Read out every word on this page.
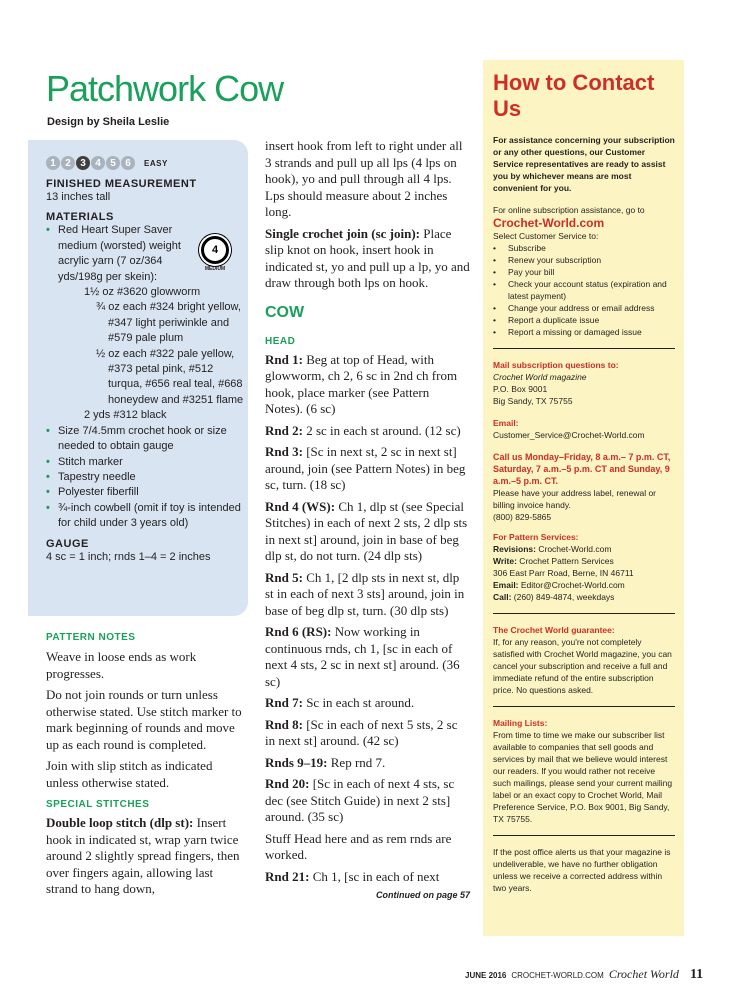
Patchwork Cow
Design by Sheila Leslie
1 2 3 4 5 6	EASY
FINISHED MEASUREMENT
13 inches tall
MATERIALS
4
MEDIUM
• Red Heart Super Saver medium (worsted) weight acrylic yarn (7 oz/364 yds/198g per skein):
1½ oz #3620 glowworm
¾ oz each #324 bright yellow, #347 light periwinkle and #579 pale plum
½ oz each #322 pale yellow, #373 petal pink, #512 turqua, #656 real teal, #668 honeydew and #3251 flame
2 yds #312 black
• Size 7/4.5mm crochet hook or size needed to obtain gauge
• Stitch marker
• Tapestry needle
• Polyester fiberfill
• ¾-inch cowbell (omit if toy is intended for child under 3 years old)
GAUGE
4 sc = 1 inch; rnds 1–4 = 2 inches
PATTERN NOTES
Weave in loose ends as work progresses.
Do not join rounds or turn unless otherwise stated. Use stitch marker to mark beginning of rounds and move up as each round is completed.
Join with slip stitch as indicated unless otherwise stated.
SPECIAL STITCHES
Double loop stitch (dlp st): Insert hook in indicated st, wrap yarn twice around 2 slightly spread fingers, then over fingers again, allowing last strand to hang down,
insert hook from left to right under all 3 strands and pull up all lps (4 lps on hook), yo and pull through all 4 lps. Lps should measure about 2 inches long.
Single crochet join (sc join): Place slip knot on hook, insert hook in indicated st, yo and pull up a lp, yo and draw through both lps on hook.
COW
HEAD
Rnd 1: Beg at top of Head, with glowworm, ch 2, 6 sc in 2nd ch from hook, place marker (see Pattern Notes). (6 sc)
Rnd 2: 2 sc in each st around. (12 sc)
Rnd 3: [Sc in next st, 2 sc in next st] around, join (see Pattern Notes) in beg sc, turn. (18 sc)
Rnd 4 (WS): Ch 1, dlp st (see Special Stitches) in each of next 2 sts, 2 dlp sts in next st] around, join in base of beg dlp st, do not turn. (24 dlp sts)
Rnd 5: Ch 1, [2 dlp sts in next st, dlp st in each of next 3 sts] around, join in base of beg dlp st, turn. (30 dlp sts)
Rnd 6 (RS): Now working in continuous rnds, ch 1, [sc in each of next 4 sts, 2 sc in next st] around. (36 sc)
Rnd 7: Sc in each st around.
Rnd 8: [Sc in each of next 5 sts, 2 sc in next st] around. (42 sc)
Rnds 9–19: Rep rnd 7.
Rnd 20: [Sc in each of next 4 sts, sc dec (see Stitch Guide) in next 2 sts] around. (35 sc)
Stuff Head here and as rem rnds are worked.
Rnd 21: Ch 1, [sc in each of next
Continued on page 57
How to Contact Us
For assistance concerning your subscription or any other questions, our Customer Service representatives are ready to assist you by whichever means are most convenient for you.
For online subscription assistance, go to
Crochet-World.com
Select Customer Service to:
• Subscribe
• Renew your subscription
• Pay your bill
• Check your account status (expiration and latest payment)
• Change your address or email address
• Report a duplicate issue
• Report a missing or damaged issue
Mail subscription questions to:
Crochet World magazine
P.O. Box 9001
Big Sandy, TX 75755
Email:
Customer_Service@Crochet-World.com
Call us Monday–Friday, 8 a.m.– 7 p.m. CT, Saturday, 7 a.m.–5 p.m. CT and Sunday, 9 a.m.–5 p.m. CT.
Please have your address label, renewal or billing invoice handy.
(800) 829-5865
For Pattern Services:
Revisions: Crochet-World.com
Write: Crochet Pattern Services
306 East Parr Road, Berne, IN 46711
Email: Editor@Crochet-World.com
Call: (260) 849-4874, weekdays
The Crochet World guarantee:
If, for any reason, you're not completely satisfied with Crochet World magazine, you can cancel your subscription and receive a full and immediate refund of the entire subscription price. No questions asked.
Mailing Lists:
From time to time we make our subscriber list available to companies that sell goods and services by mail that we believe would interest our readers. If you would rather not receive such mailings, please send your current mailing label or an exact copy to Crochet World, Mail Preference Service, P.O. Box 9001, Big Sandy, TX 75755.
If the post office alerts us that your magazine is undeliverable, we have no further obligation unless we receive a corrected address within two years.
JUNE 2016 CROCHET-WORLD.COM Crochet World 11
